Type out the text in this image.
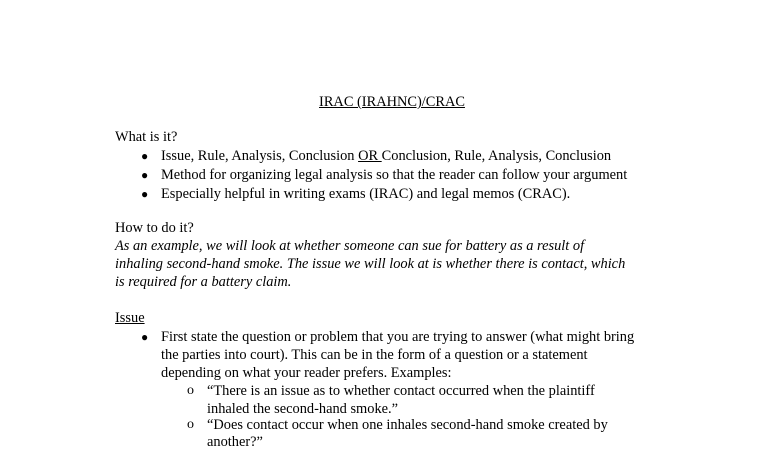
IRAC (IRAHNC)/CRAC
What is it?
● Issue, Rule, Analysis, Conclusion OR Conclusion, Rule, Analysis, Conclusion
● Method for organizing legal analysis so that the reader can follow your argument
● Especially helpful in writing exams (IRAC) and legal memos (CRAC).
How to do it?
As an example, we will look at whether someone can sue for battery as a result of
inhaling second-hand smoke. The issue we will look at is whether there is contact, which
is required for a battery claim.
Issue
● First state the question or problem that you are trying to answer (what might bring
the parties into court). This can be in the form of a question or a statement
depending on what your reader prefers. Examples:
o “There is an issue as to whether contact occurred when the plaintiff
inhaled the second-hand smoke.”
o “Does contact occur when one inhales second-hand smoke created by
another?”
